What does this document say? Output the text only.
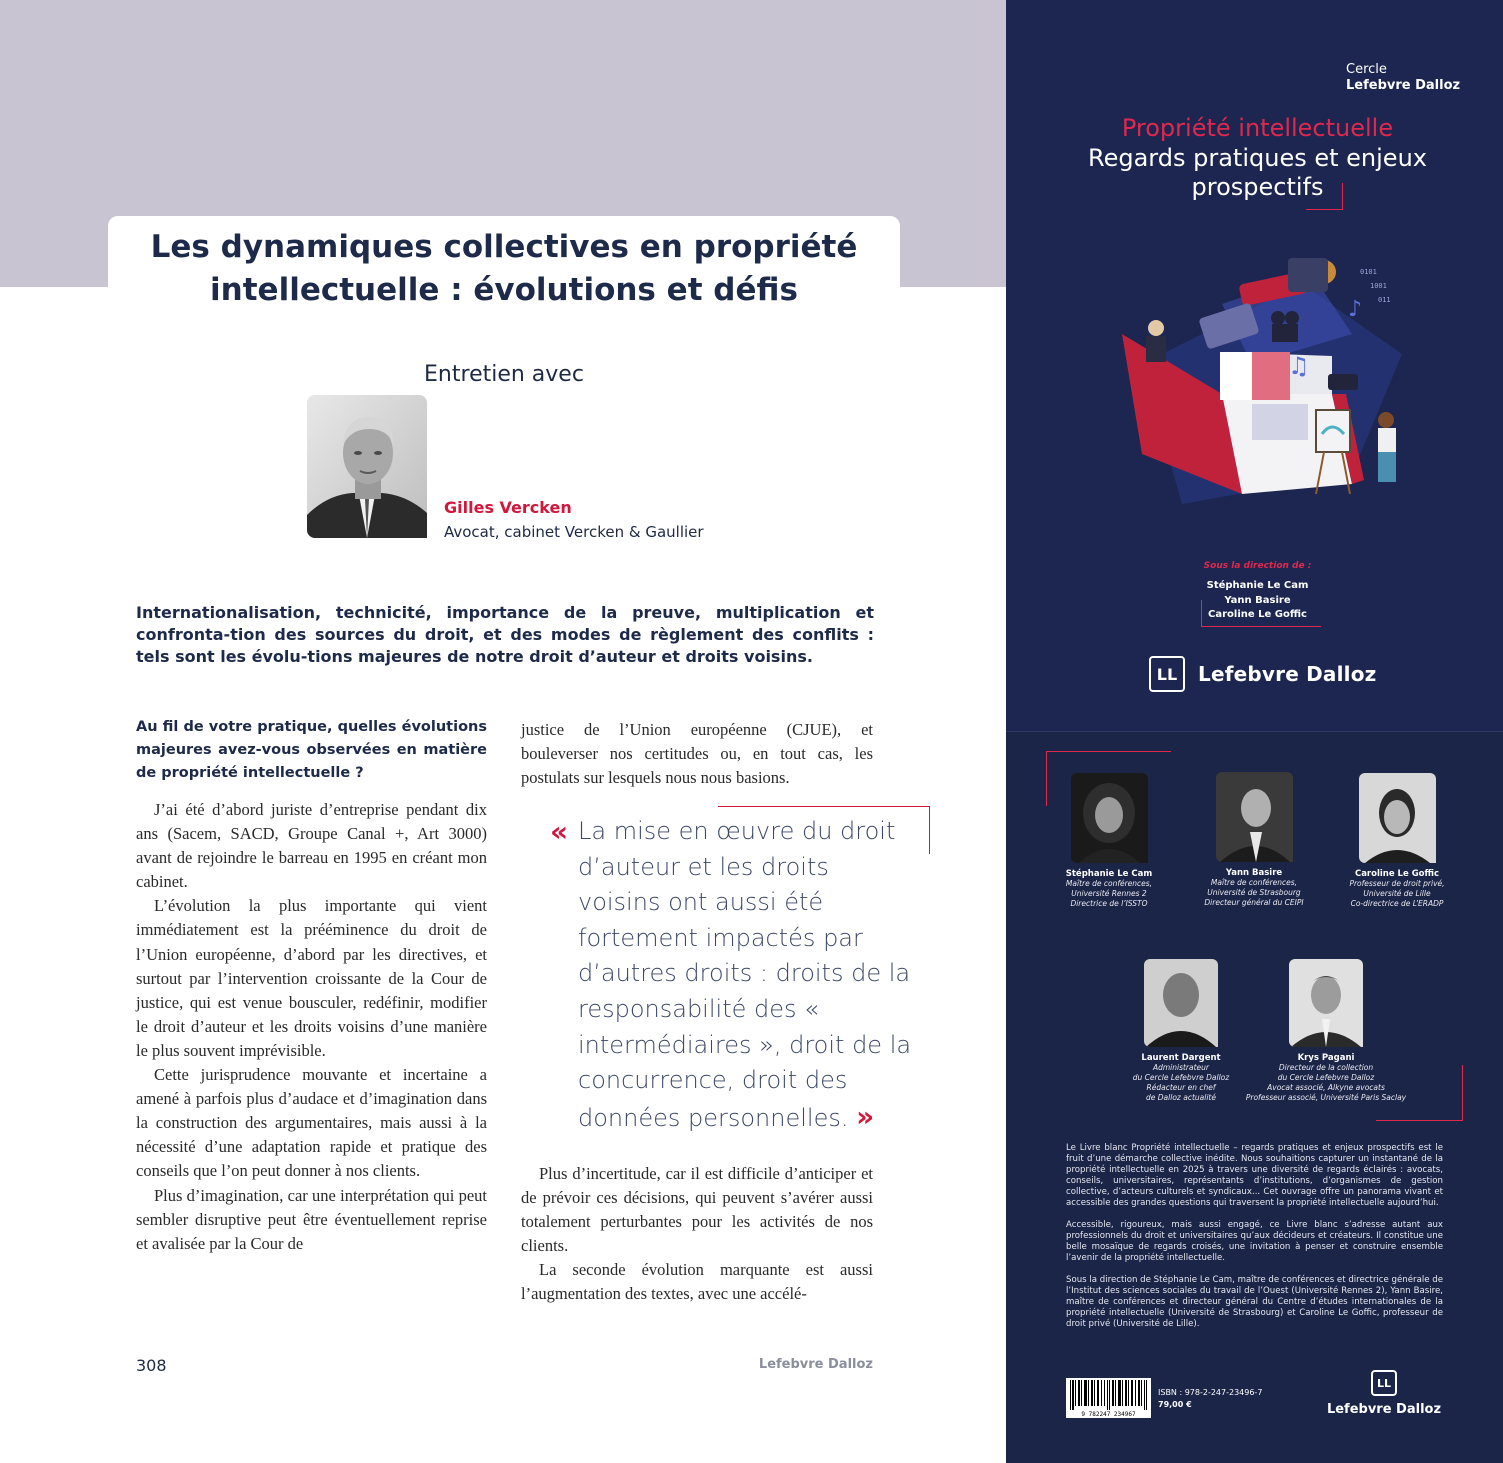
Les dynamiques collectives en propriété
intellectuelle : évolutions et défis
Entretien avec
Gilles Vercken
Avocat, cabinet Vercken & Gaullier

Internationalisation, technicité, importance de la preuve, multiplication et confronta-tion des sources du droit, et des modes de règlement des conflits : tels sont les évolu-tions majeures de notre droit d’auteur et droits voisins.

Au fil de votre pratique, quelles évolutions majeures avez-vous observées en matière de propriété intellectuelle ?

J’ai été d’abord juriste d’entreprise pendant dix ans (Sacem, SACD, Groupe Canal +, Art 3000) avant de rejoindre le barreau en 1995 en créant mon cabinet.

L’évolution la plus importante qui vient immédiatement est la prééminence du droit de l’Union européenne, d’abord par les directives, et surtout par l’intervention croissante de la Cour de justice, qui est venue bousculer, redéfinir, modifier le droit d’auteur et les droits voisins d’une manière le plus souvent imprévisible.

Cette jurisprudence mouvante et incertaine a amené à parfois plus d’audace et d’imagination dans la construction des argumentaires, mais aussi à la nécessité d’une adaptation rapide et pratique des conseils que l’on peut donner à nos clients.

Plus d’imagination, car une interprétation qui peut sembler disruptive peut être éventuellement reprise et avalisée par la Cour de

justice de l’Union européenne (CJUE), et bouleverser nos certitudes ou, en tout cas, les postulats sur lesquels nous nous basions.

« La mise en œuvre du droit d’auteur et les droits voisins ont aussi été fortement impactés par d’autres droits : droits de la responsabilité des « intermédiaires », droit de la concurrence, droit des données personnelles. »

Plus d’incertitude, car il est difficile d’anticiper et de prévoir ces décisions, qui peuvent s’avérer aussi totalement perturbantes pour les activités de nos clients.

La seconde évolution marquante est aussi l’augmentation des textes, avec une accélé-

308	Lefebvre Dalloz
Cercle
Lefebvre Dalloz
Propriété intellectuelle
Regards pratiques et enjeux
prospectifs
♪
♫
0101
1001
011
Sous la direction de :
Stéphanie Le Cam
Yann Basire
Caroline Le Goffic
LL	Lefebvre Dalloz
Stéphanie Le Cam
Maître de conférences,
Université Rennes 2
Directrice de l’ISSTO
Yann Basire
Maître de conférences,
Université de Strasbourg
Directeur général du CEIPI
Caroline Le Goffic
Professeur de droit privé,
Université de Lille
Co-directrice de L’ERADP
Laurent Dargent
Administrateur
du Cercle Lefebvre Dalloz
Rédacteur en chef
de Dalloz actualité
Krys Pagani
Directeur de la collection
du Cercle Lefebvre Dalloz
Avocat associé, Alkyne avocats
Professeur associé, Université Paris Saclay

Le Livre blanc Propriété intellectuelle – regards pratiques et enjeux prospectifs est le fruit d’une démarche collective inédite. Nous souhaitions capturer un instantané de la propriété intellectuelle en 2025 à travers une diversité de regards éclairés : avocats, conseils, universitaires, représentants d’institutions, d’organismes de gestion collective, d’acteurs culturels et syndicaux... Cet ouvrage offre un panorama vivant et accessible des grandes questions qui traversent la propriété intellectuelle aujourd’hui.

Accessible, rigoureux, mais aussi engagé, ce Livre blanc s’adresse autant aux professionnels du droit et universitaires qu’aux décideurs et créateurs. Il constitue une belle mosaïque de regards croisés, une invitation à penser et construire ensemble l’avenir de la propriété intellectuelle.

Sous la direction de Stéphanie Le Cam, maître de conférences et directrice générale de l’Institut des sciences sociales du travail de l’Ouest (Université Rennes 2), Yann Basire, maître de conférences et directeur général du Centre d’études internationales de la propriété intellectuelle (Université de Strasbourg) et Caroline Le Goffic, professeur de droit privé (Université de Lille).

9 782247 234967
ISBN : 978-2-247-23496-7
79,00 €
LL
Lefebvre Dalloz
